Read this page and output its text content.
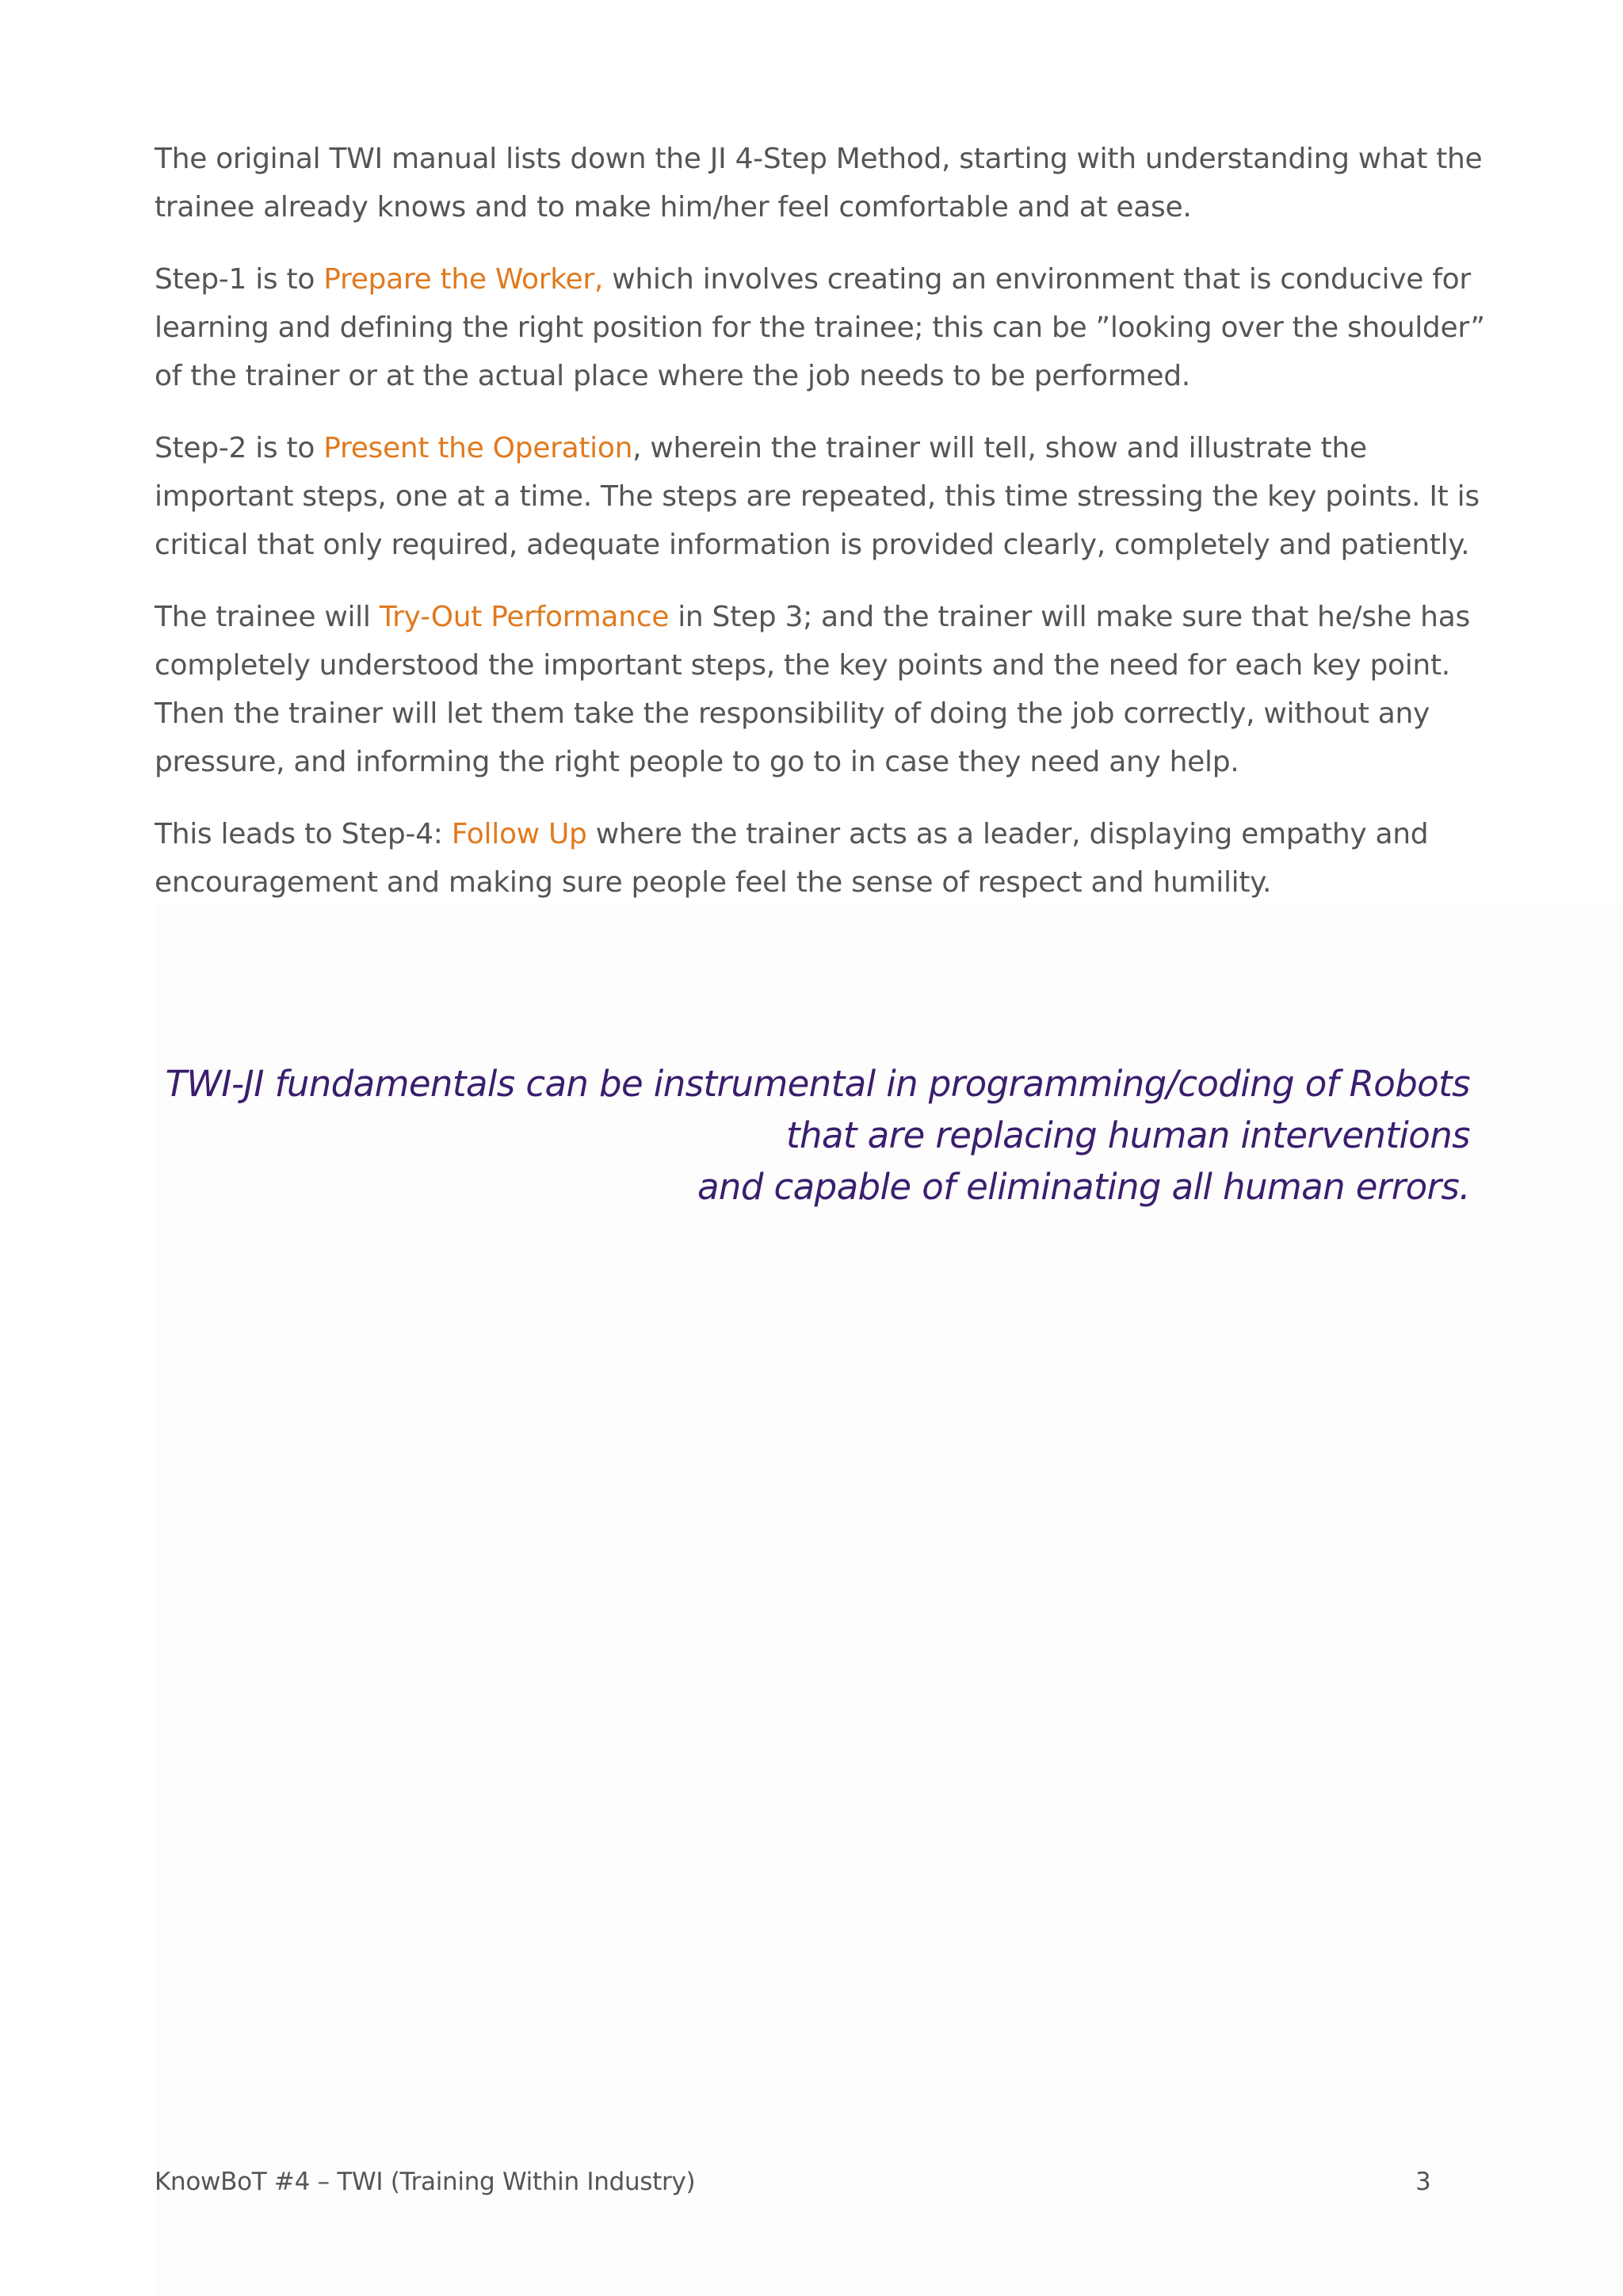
The original TWI manual lists down the JI 4-Step Method, starting with understanding what the trainee already knows and to make him/her feel comfortable and at ease.

Step-1 is to Prepare the Worker, which involves creating an environment that is conducive for learning and defining the right position for the trainee; this can be ”looking over the shoulder” of the trainer or at the actual place where the job needs to be performed.

Step-2 is to Present the Operation, wherein the trainer will tell, show and illustrate the important steps, one at a time. The steps are repeated, this time stressing the key points. It is critical that only required, adequate information is provided clearly, completely and patiently.

The trainee will Try-Out Performance in Step 3; and the trainer will make sure that he/she has completely understood the important steps, the key points and the need for each key point. Then the trainer will let them take the responsibility of doing the job correctly, without any pressure, and informing the right people to go to in case they need any help.

This leads to Step-4: Follow Up where the trainer acts as a leader, displaying empathy and encouragement and making sure people feel the sense of respect and humility.

TWI-JI fundamentals can be instrumental in programming/coding of Robots
that are replacing human interventions
and capable of eliminating all human errors.
KnowBoT #4 – TWI (Training Within Industry)	3
